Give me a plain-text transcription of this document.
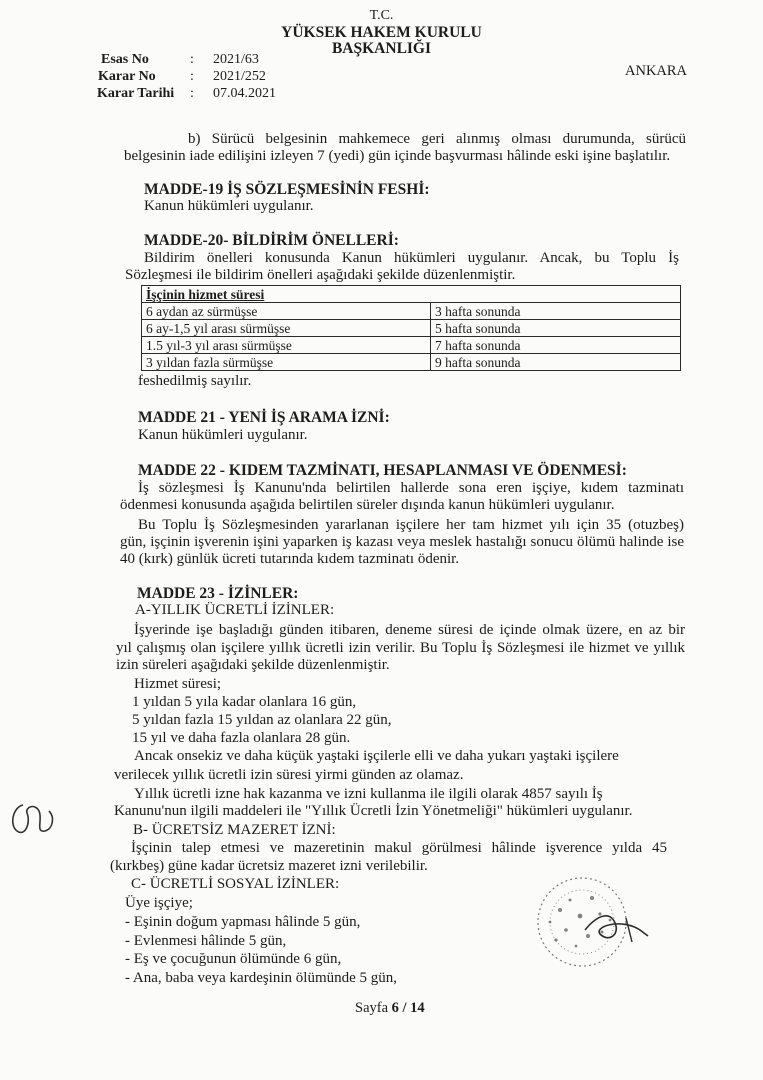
T.C.
YÜKSEK HAKEM KURULU
BAŞKANLIĞI
ANKARA
Esas No	: 2021/63
Karar No : 2021/252
Karar Tarihi : 07.04.2021
b) Sürücü belgesinin mahkemece geri alınmış olması durumunda, sürücü
belgesinin iade edilişini izleyen 7 (yedi) gün içinde başvurması hâlinde eski işine başlatılır.
MADDE-19 İŞ SÖZLEŞMESİNİN FESHİ:
Kanun hükümleri uygulanır.
MADDE-20- BİLDİRİM ÖNELLERİ:
Bildirim önelleri konusunda Kanun hükümleri uygulanır. Ancak, bu Toplu İş
Sözleşmesi ile bildirim önelleri aşağıdaki şekilde düzenlenmiştir.
İşçinin hizmet süresi	
6 aydan az sürmüşse	3 hafta sonunda
6 ay-1,5 yıl arası sürmüşse	5 hafta sonunda
1.5 yıl-3 yıl arası sürmüşse	7 hafta sonunda
3 yıldan fazla sürmüşse	9 hafta sonunda
feshedilmiş sayılır.
MADDE 21 - YENİ İŞ ARAMA İZNİ:
Kanun hükümleri uygulanır.
MADDE 22 - KIDEM TAZMİNATI, HESAPLANMASI VE ÖDENMESİ:
İş sözleşmesi İş Kanunu'nda belirtilen hallerde sona eren işçiye, kıdem tazminatı
ödenmesi konusunda aşağıda belirtilen süreler dışında kanun hükümleri uygulanır.
Bu Toplu İş Sözleşmesinden yararlanan işçilere her tam hizmet yılı için 35 (otuzbeş)
gün, işçinin işverenin işini yaparken iş kazası veya meslek hastalığı sonucu ölümü halinde ise
40 (kırk) günlük ücreti tutarında kıdem tazminatı ödenir.
MADDE 23 - İZİNLER:
A-YILLIK ÜCRETLİ İZİNLER:
İşyerinde işe başladığı günden itibaren, deneme süresi de içinde olmak üzere, en az bir
yıl çalışmış olan işçilere yıllık ücretli izin verilir. Bu Toplu İş Sözleşmesi ile hizmet ve yıllık
izin süreleri aşağıdaki şekilde düzenlenmiştir.
Hizmet süresi;
1 yıldan 5 yıla kadar olanlara 16 gün,
5 yıldan fazla 15 yıldan az olanlara 22 gün,
15 yıl ve daha fazla olanlara 28 gün.
Ancak onsekiz ve daha küçük yaştaki işçilerle elli ve daha yukarı yaştaki işçilere
verilecek yıllık ücretli izin süresi yirmi günden az olamaz.
Yıllık ücretli izne hak kazanma ve izni kullanma ile ilgili olarak 4857 sayılı İş
Kanunu'nun ilgili maddeleri ile "Yıllık Ücretli İzin Yönetmeliği" hükümleri uygulanır.
B- ÜCRETSİZ MAZERET İZNİ:
İşçinin talep etmesi ve mazeretinin makul görülmesi hâlinde işverence yılda 45
(kırkbeş) güne kadar ücretsiz mazeret izni verilebilir.
C- ÜCRETLİ SOSYAL İZİNLER:
Üye işçiye;
- Eşinin doğum yapması hâlinde 5 gün,
- Evlenmesi hâlinde 5 gün,
- Eş ve çocuğunun ölümünde 6 gün,
- Ana, baba veya kardeşinin ölümünde 5 gün,
Sayfa 6 / 14
